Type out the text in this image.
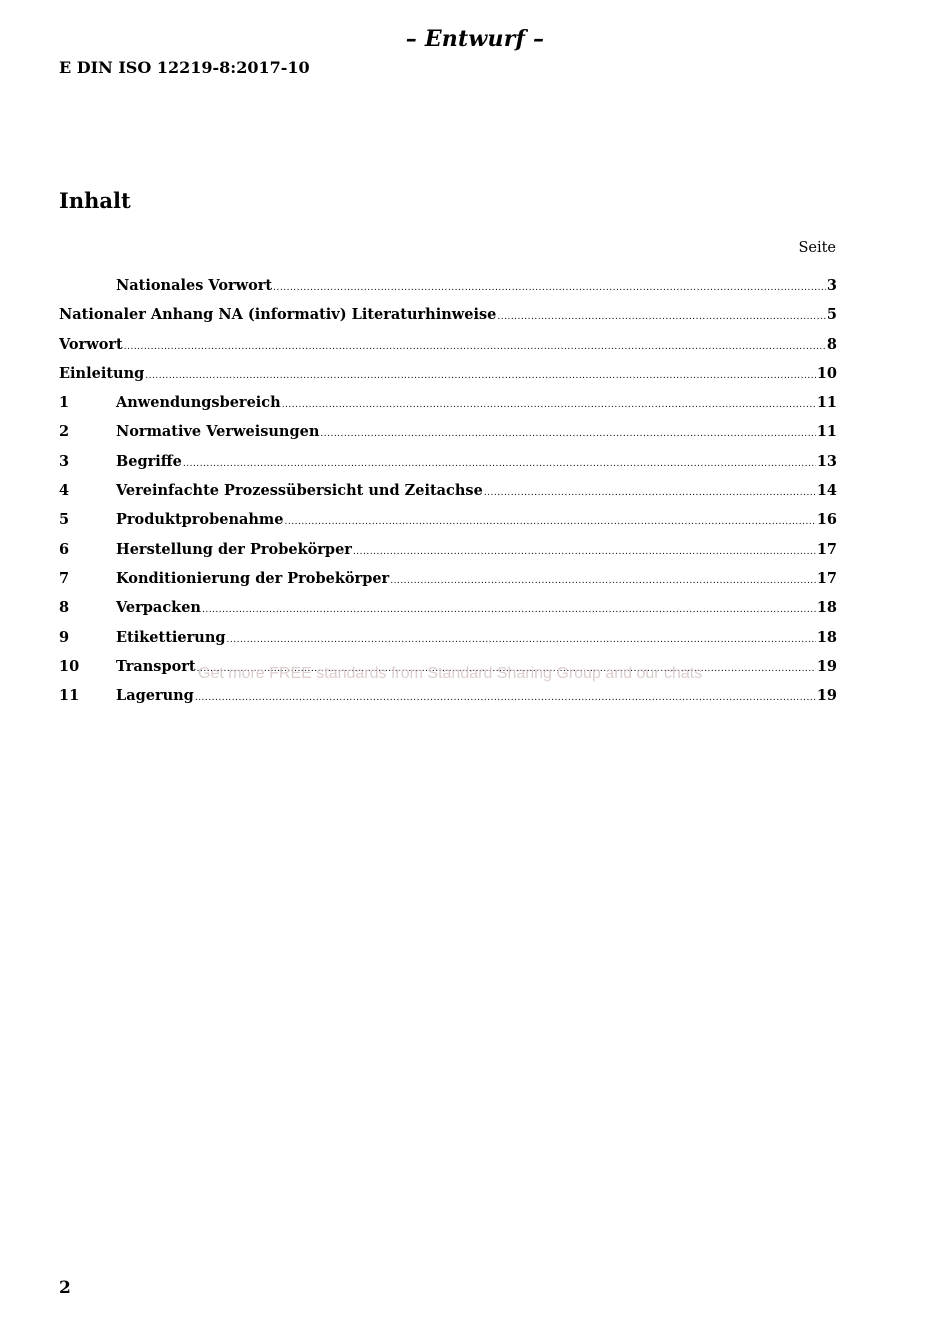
– Entwurf –
E DIN ISO 12219-8:2017-10
Inhalt
Seite
Nationales Vorwort .....	3
Nationaler Anhang NA (informativ) Literaturhinweise .....	5
Vorwort .....	8
Einleitung .....	10
1	Anwendungsbereich .....	11
2	Normative Verweisungen .....	11
3	Begriffe .....	13
4	Vereinfachte Prozessübersicht und Zeitachse .....	14
5	Produktprobenahme .....	16
6	Herstellung der Probekörper .....	17
7	Konditionierung der Probekörper .....	17
8	Verpacken .....	18
9	Etikettierung .....	18
10	Transport .....	19
11	Lagerung .....	19
Get more FREE standards from Standard Sharing Group and our chats
2
